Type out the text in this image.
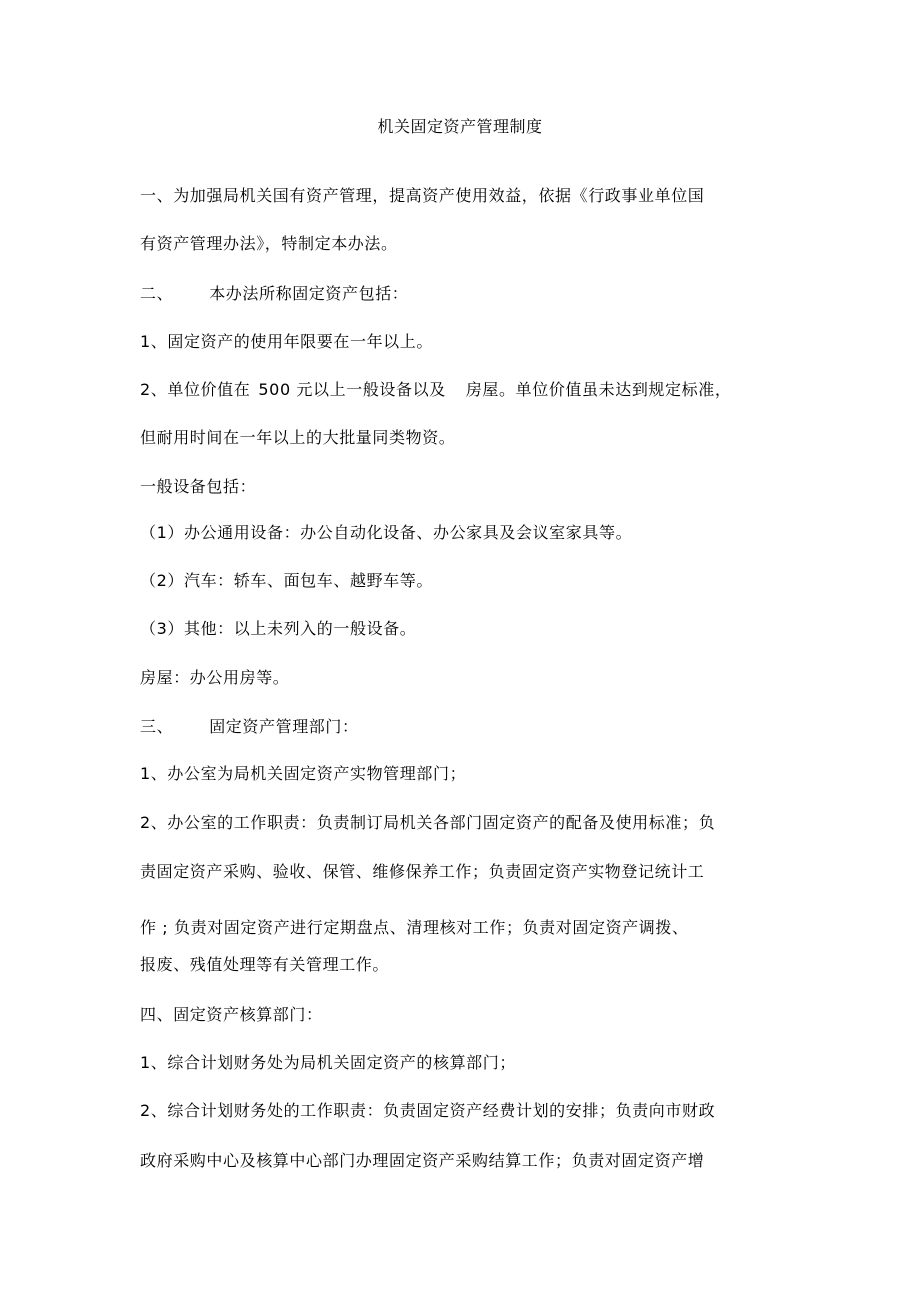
机关固定资产管理制度
一、为加强局机关国有资产管理，提高资产使用效益，依据《行政事业单位国
有资产管理办法》，特制定本办法。
二、 本办法所称固定资产包括：
1、固定资产的使用年限要在一年以上。
2、单位价值在 500 元以上一般设备以及 房屋。单位价值虽未达到规定标准，
但耐用时间在一年以上的大批量同类物资。
一般设备包括：
（1）办公通用设备：办公自动化设备、办公家具及会议室家具等。
（2）汽车：轿车、面包车、越野车等。
（3）其他：以上未列入的一般设备。
房屋：办公用房等。
三、 固定资产管理部门：
1、办公室为局机关固定资产实物管理部门；
2、办公室的工作职责：负责制订局机关各部门固定资产的配备及使用标准；负
责固定资产采购、验收、保管、维修保养工作；负责固定资产实物登记统计工
作 ; 负责对固定资产进行定期盘点、清理核对工作；负责对固定资产调拨、
报废、残值处理等有关管理工作。
四、固定资产核算部门：
1、综合计划财务处为局机关固定资产的核算部门；
2、综合计划财务处的工作职责：负责固定资产经费计划的安排；负责向市财政
政府采购中心及核算中心部门办理固定资产采购结算工作；负责对固定资产增
